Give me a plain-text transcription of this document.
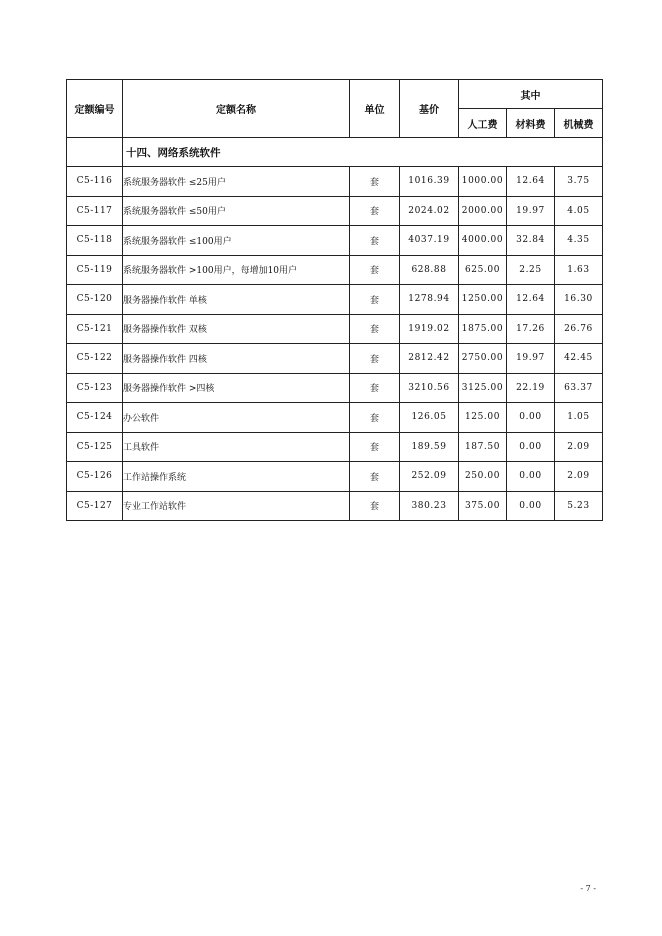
定额编号	定额名称	单位	基价	其中		
				人工费	材料费	机械费
	十四、网络系统软件					
C5-116	系统服务器软件 ≤25用户	套	1016.39	1000.00	12.64	3.75
C5-117	系统服务器软件 ≤50用户	套	2024.02	2000.00	19.97	4.05
C5-118	系统服务器软件 ≤100用户	套	4037.19	4000.00	32.84	4.35
C5-119	系统服务器软件 >100用户，每增加10用户	套	628.88	625.00	2.25	1.63
C5-120	服务器操作软件 单核	套	1278.94	1250.00	12.64	16.30
C5-121	服务器操作软件 双核	套	1919.02	1875.00	17.26	26.76
C5-122	服务器操作软件 四核	套	2812.42	2750.00	19.97	42.45
C5-123	服务器操作软件 >四核	套	3210.56	3125.00	22.19	63.37
C5-124	办公软件	套	126.05	125.00	0.00	1.05
C5-125	工具软件	套	189.59	187.50	0.00	2.09
C5-126	工作站操作系统	套	252.09	250.00	0.00	2.09
C5-127	专业工作站软件	套	380.23	375.00	0.00	5.23
- 7 -
